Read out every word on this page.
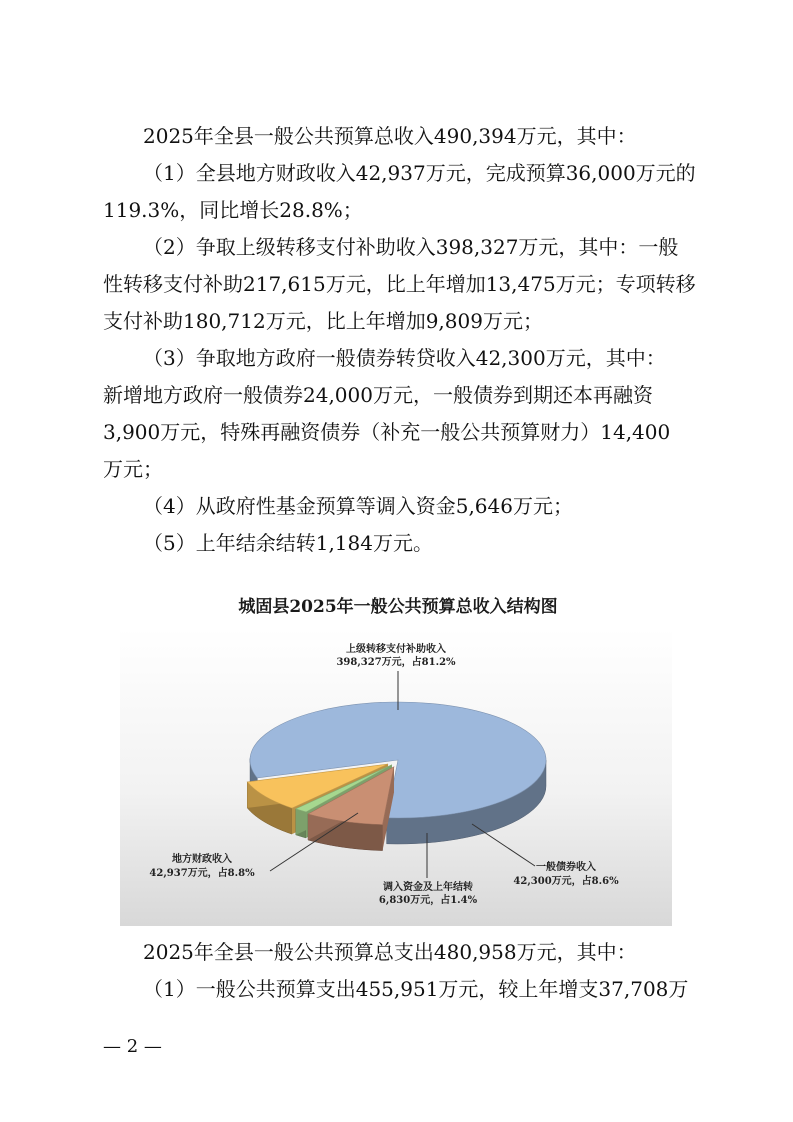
2025年全县一般公共预算总收入490,394万元，其中：

（1）全县地方财政收入42,937万元，完成预算36,000万元的

119.3%，同比增长28.8%；

（2）争取上级转移支付补助收入398,327万元，其中：一般

性转移支付补助217,615万元，比上年增加13,475万元；专项转移

支付补助180,712万元，比上年增加9,809万元；

（3）争取地方政府一般债券转贷收入42,300万元，其中：

新增地方政府一般债券24,000万元，一般债券到期还本再融资

3,900万元，特殊再融资债券（补充一般公共预算财力）14,400

万元；

（4）从政府性基金预算等调入资金5,646万元；

（5）上年结余结转1,184万元。

城固县2025年一般公共预算总收入结构图
上级转移支付补助收入
398,327万元，占81.2%
一般债券收入
42,300万元，占8.6%
调入资金及上年结转
6,830万元，占1.4%
地方财政收入
42,937万元，占8.8%

2025年全县一般公共预算总支出480,958万元，其中：

（1）一般公共预算支出455,951万元，较上年增支37,708万

— 2 —
